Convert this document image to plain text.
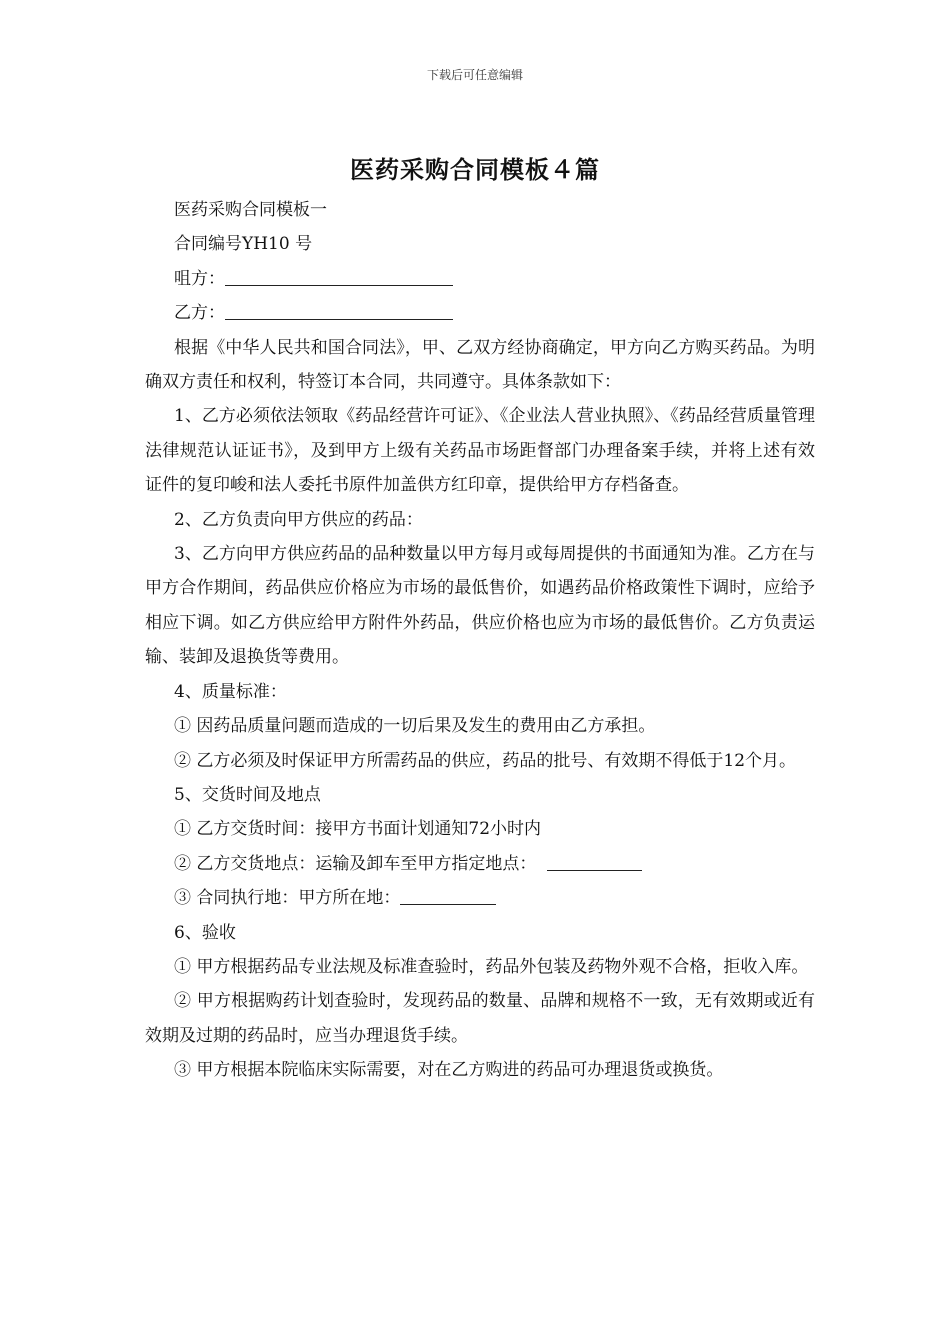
下载后可任意编辑
医药采购合同模板４篇

医药采购合同模板一

合同编号YH10 号

咀方：

乙方：

根据《中华人民共和国合同法》，甲、乙双方经协商确定，甲方向乙方购买药品。为明确双方责任和权利，特签订本合同，共同遵守。具体条款如下：

1、乙方必须依法领取《药品经营许可证》、《企业法人营业执照》、《药品经营质量管理法律规范认证证书》，及到甲方上级有关药品市场距督部门办理备案手续，并将上述有效证件的复印峻和法人委托书原件加盖供方红印章，提供给甲方存档备查。

2、乙方负责向甲方供应的药品：

3、乙方向甲方供应药品的品种数量以甲方每月或每周提供的书面通知为准。乙方在与甲方合作期间，药品供应价格应为市场的最低售价，如遇药品价格政策性下调时，应给予相应下调。如乙方供应给甲方附件外药品，供应价格也应为市场的最低售价。乙方负责运输、装卸及退换货等费用。

4、质量标准：

① 因药品质量问题而造成的一切后果及发生的费用由乙方承担。

② 乙方必须及时保证甲方所需药品的供应，药品的批号、有效期不得低于12个月。

5、交货时间及地点

① 乙方交货时间：接甲方书面计划通知72小时内

② 乙方交货地点：运输及卸车至甲方指定地点：

③ 合同执行地：甲方所在地：

6、验收

① 甲方根据药品专业法规及标准查验时，药品外包装及药物外观不合格，拒收入库。

② 甲方根据购药计划查验时，发现药品的数量、品牌和规格不一致，无有效期或近有效期及过期的药品时，应当办理退货手续。

③ 甲方根据本院临床实际需要，对在乙方购进的药品可办理退货或换货。
